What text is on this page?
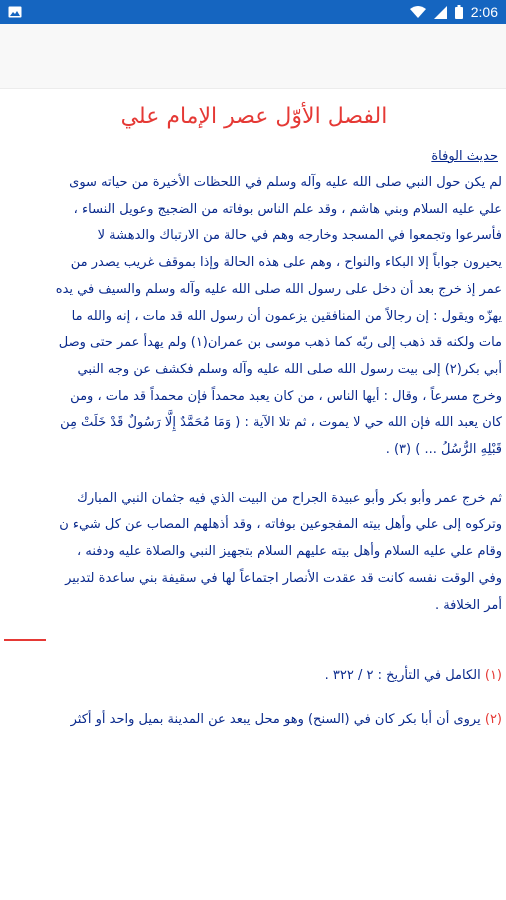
2:06
الفصل الأوّل عصر الإمام علي
حديث الوفاة
لم يكن حول النبي صلى الله عليه وآله وسلم في اللحظات الأخيرة من حياته سوى
علي عليه السلام وبني هاشم ، وقد علم الناس بوفاته من الضجيج وعويل النساء ،
فأسرعوا وتجمعوا في المسجد وخارجه وهم في حالة من الارتباك والدهشة لا
يحيرون جواباً إلا البكاء والنواح ، وهم على هذه الحالة وإذا بموقف غريب يصدر من
عمر إذ خرج بعد أن دخل على رسول الله صلى الله عليه وآله وسلم والسيف في يده
يهزّه ويقول : إن رجالاً من المنافقين يزعمون أن رسول الله قد مات ، إنه والله ما
مات ولكنه قد ذهب إلى ربّه كما ذهب موسى بن عمران(١) ولم يهدأ عمر حتى وصل
أبي بكر(٢) إلى بيت رسول الله صلى الله عليه وآله وسلم فكشف عن وجه النبي
وخرج مسرعاً ، وقال : أيها الناس ، من كان يعبد محمداً فإن محمداً قد مات ، ومن
كان يعبد الله فإن الله حي لا يموت ، ثم تلا الآية : ( وَمَا مُحَمَّدٌ إِلَّا رَسُولٌ قَدْ خَلَتْ مِن
قَبْلِهِ الرُّسُلُ ... ) (٣) .
ثم خرج عمر وأبو بكر وأبو عبيدة الجراح من البيت الذي فيه جثمان النبي المبارك
وتركوه إلى علي وأهل بيته المفجوعين بوفاته ، وقد أذهلهم المصاب عن كل شيء ن
وقام علي عليه السلام وأهل بيته عليهم السلام بتجهيز النبي والصلاة عليه ودفنه ،
وفي الوقت نفسه كانت قد عقدت الأنصار اجتماعاً لها في سقيفة بني ساعدة لتدبير
أمر الخلافة .
(١) الكامل في التأريخ : ٢ / ٣٢٢ .
(٢) يروى أن أبا بكر كان في (السنح) وهو محل يبعد عن المدينة بميل واحد أو أكثر
